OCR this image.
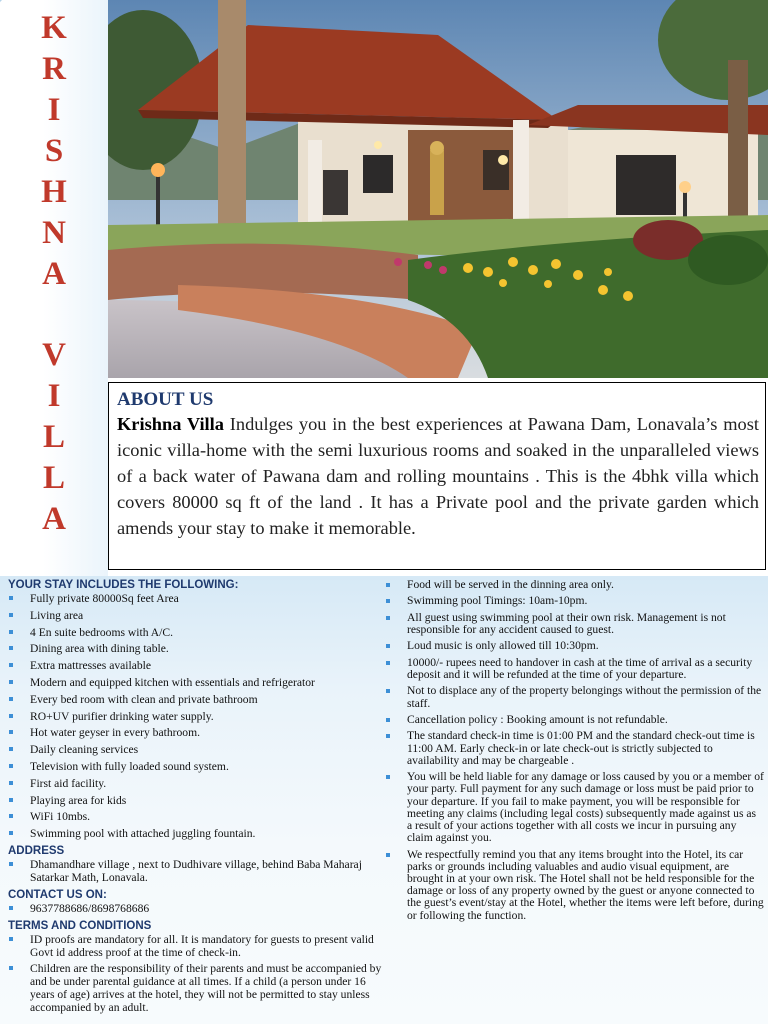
K
R
I
S
H
N
A
V
I
L
L
A
ABOUT US

Krishna Villa Indulges you in the best experiences at Pawana Dam, Lonavala’s most iconic villa-home with the semi luxurious rooms and soaked in the unparalleled views of a back water of Pawana dam and rolling mountains . This is the 4bhk villa which covers 80000 sq ft of the land . It has a Private pool and the private garden which amends your stay to make it memorable.

YOUR STAY INCLUDES THE FOLLOWING:
Fully private 80000Sq feet Area
Living area
4 En suite bedrooms with A/C.
Dining area with dining table.
Extra mattresses available
Modern and equipped kitchen with essentials and refrigerator
Every bed room with clean and private bathroom
RO+UV purifier drinking water supply.
Hot water geyser in every bathroom.
Daily cleaning services
Television with fully loaded sound system.
First aid facility.
Playing area for kids
WiFi 10mbs.
Swimming pool with attached juggling fountain.
ADDRESS
Dhamandhare village , next to Dudhivare village, behind Baba Maharaj Satarkar Math, Lonavala.
CONTACT US ON:
9637788686/8698768686
TERMS AND CONDITIONS
ID proofs are mandatory for all. It is mandatory for guests to present valid Govt id address proof at the time of check-in.
Children are the responsibility of their parents and must be accompanied by and be under parental guidance at all times. If a child (a person under 16 years of age) arrives at the hotel, they will not be permitted to stay unless accompanied by an adult.
Food will be served in the dinning area only.
Swimming pool Timings: 10am-10pm.
All guest using swimming pool at their own risk. Management is not responsible for any accident caused to guest.
Loud music is only allowed till 10:30pm.
10000/- rupees need to handover in cash at the time of arrival as a security deposit and it will be refunded at the time of your departure.
Not to displace any of the property belongings without the permission of the staff.
Cancellation policy : Booking amount is not refundable.
The standard check-in time is 01:00 PM and the standard check-out time is 11:00 AM. Early check-in or late check-out is strictly subjected to availability and may be chargeable .
You will be held liable for any damage or loss caused by you or a member of your party. Full payment for any such damage or loss must be paid prior to your departure. If you fail to make payment, you will be responsible for meeting any claims (including legal costs) subsequently made against us as a result of your actions together with all costs we incur in pursuing any claim against you.
We respectfully remind you that any items brought into the Hotel, its car parks or grounds including valuables and audio visual equipment, are brought in at your own risk. The Hotel shall not be held responsible for the damage or loss of any property owned by the guest or anyone connected to the guest’s event/stay at the Hotel, whether the items were left before, during or following the function.
